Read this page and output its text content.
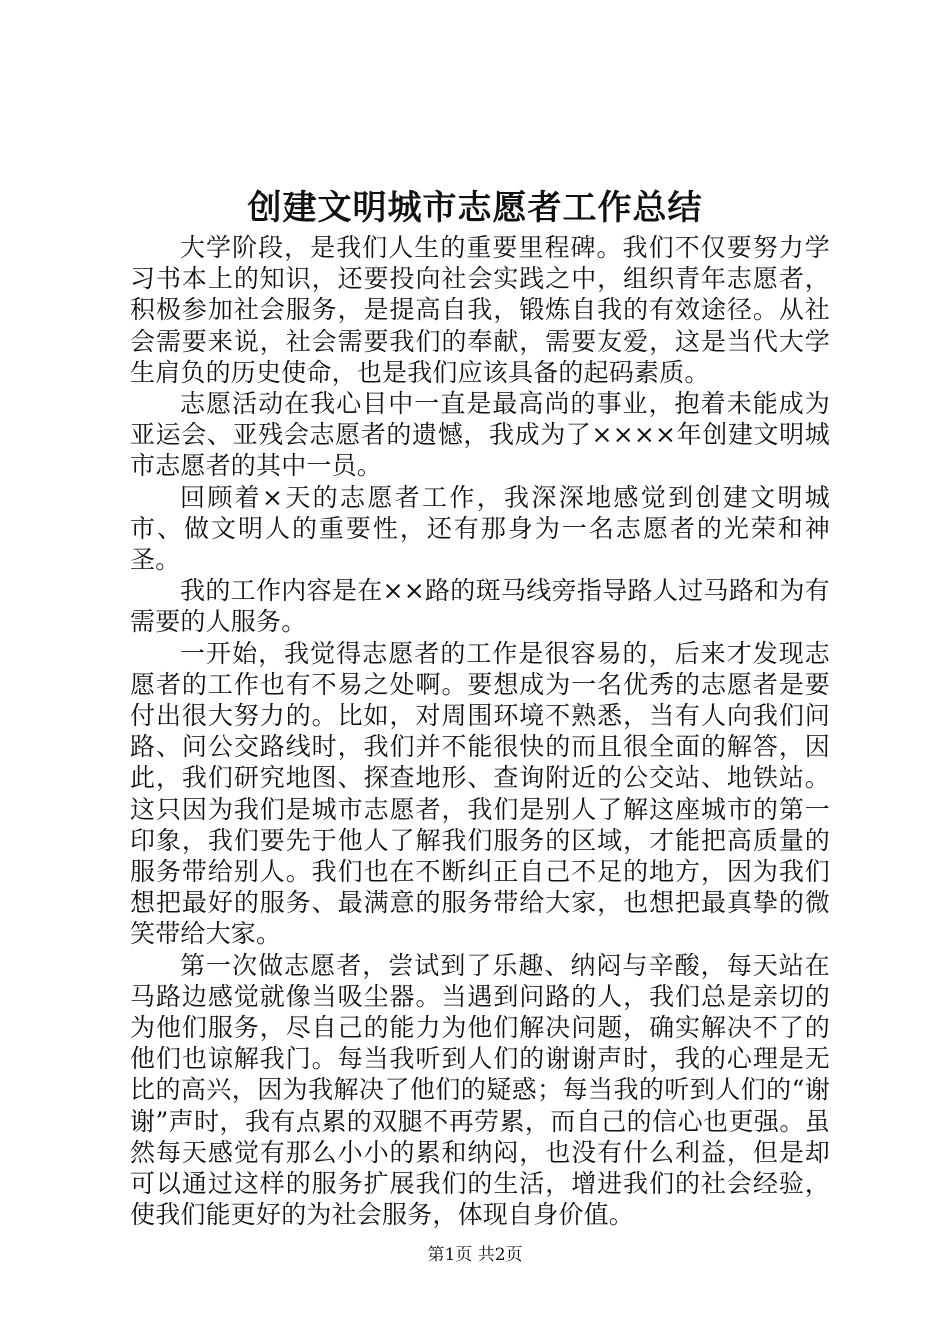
创建文明城市志愿者工作总结

大学阶段，是我们人生的重要里程碑。我们不仅要努力学习书本上的知识，还要投向社会实践之中，组织青年志愿者，积极参加社会服务，是提高自我，锻炼自我的有效途径。从社会需要来说，社会需要我们的奉献，需要友爱，这是当代大学生肩负的历史使命，也是我们应该具备的起码素质。

志愿活动在我心目中一直是最高尚的事业，抱着未能成为亚运会、亚残会志愿者的遗憾，我成为了××××年创建文明城市志愿者的其中一员。

回顾着×天的志愿者工作，我深深地感觉到创建文明城市、做文明人的重要性，还有那身为一名志愿者的光荣和神圣。

我的工作内容是在××路的斑马线旁指导路人过马路和为有需要的人服务。

一开始，我觉得志愿者的工作是很容易的，后来才发现志愿者的工作也有不易之处啊。要想成为一名优秀的志愿者是要付出很大努力的。比如，对周围环境不熟悉，当有人向我们问路、问公交路线时，我们并不能很快的而且很全面的解答，因此，我们研究地图、探查地形、查询附近的公交站、地铁站。这只因为我们是城市志愿者，我们是别人了解这座城市的第一印象，我们要先于他人了解我们服务的区域，才能把高质量的服务带给别人。我们也在不断纠正自己不足的地方，因为我们想把最好的服务、最满意的服务带给大家，也想把最真挚的微笑带给大家。

第一次做志愿者，尝试到了乐趣、纳闷与辛酸，每天站在马路边感觉就像当吸尘器。当遇到问路的人，我们总是亲切的为他们服务，尽自己的能力为他们解决问题，确实解决不了的他们也谅解我门。每当我听到人们的谢谢声时，我的心理是无比的高兴，因为我解决了他们的疑惑；每当我的听到人们的“谢谢”声时，我有点累的双腿不再劳累，而自己的信心也更强。虽然每天感觉有那么小小的累和纳闷，也没有什么利益，但是却可以通过这样的服务扩展我们的生活，增进我们的社会经验，使我们能更好的为社会服务，体现自身价值。

第1页 共2页
